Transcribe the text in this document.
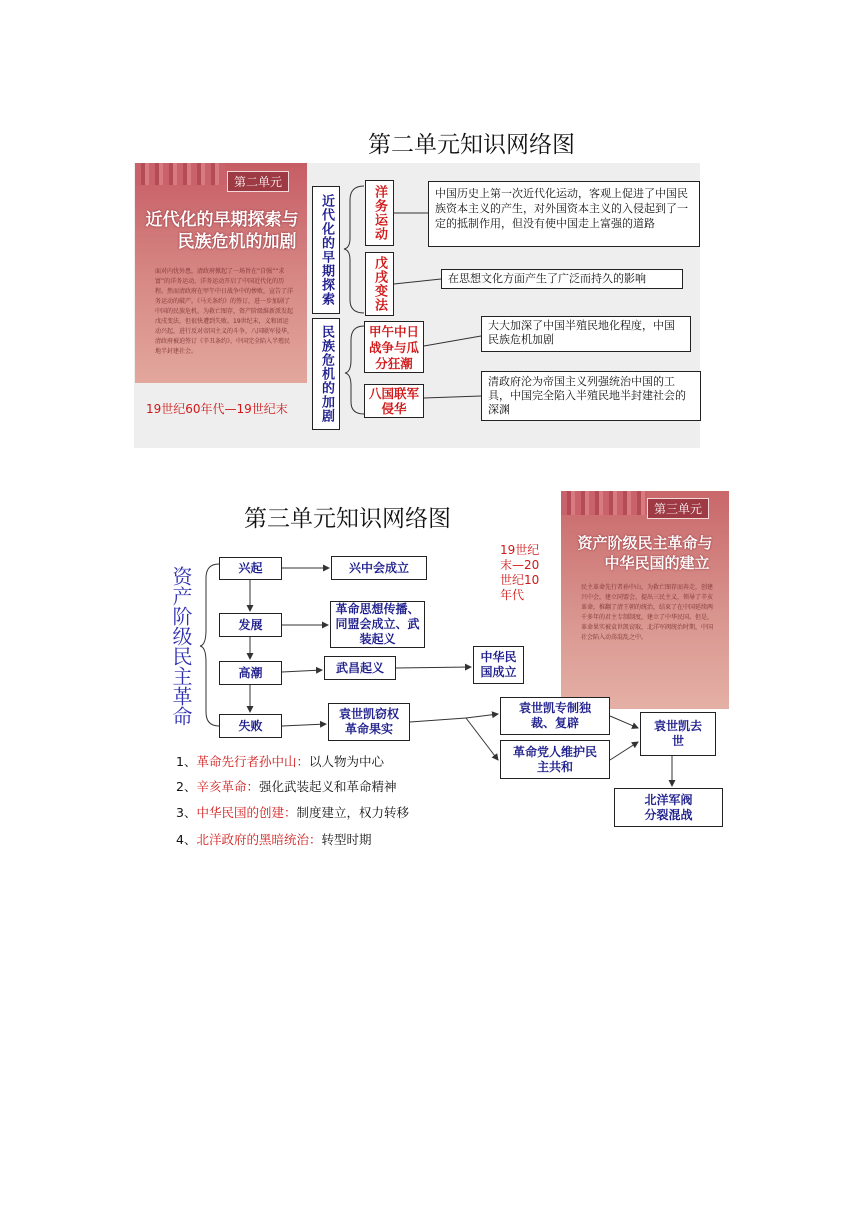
第二单元知识网络图
第二单元
近代化的早期探索与
民族危机的加剧
面对内忧外患，清政府掀起了一场旨在“自强”“求富”的洋务运动，洋务运动开启了中国近代化的历程。然而清政府在甲午中日战争中的惨败，宣告了洋务运动的破产。《马关条约》的签订，进一步加剧了中国的民族危机。为救亡图存，资产阶级维新派发起戊戌变法，但很快遭到失败。19世纪末，义和团运动兴起，进行反对帝国主义的斗争，八国联军侵华，清政府被迫签订《辛丑条约》，中国完全陷入半殖民地半封建社会。
19世纪60年代—19世纪末
近代化的早期探索
民族危机的加剧
洋务运动
戊戌变法
甲午中日战争与瓜分狂潮
八国联军侵华
中国历史上第一次近代化运动，客观上促进了中国民族资本主义的产生，对外国资本主义的入侵起到了一定的抵制作用，但没有使中国走上富强的道路
在思想文化方面产生了广泛而持久的影响
大大加深了中国半殖民地化程度，中国民族危机加剧
清政府沦为帝国主义列强统治中国的工具，中国完全陷入半殖民地半封建社会的深渊
第三单元知识网络图
19世纪末—20世纪10年代
第三单元
资产阶级民主革命与
中华民国的建立
民主革命先行者孙中山，为救亡图存而奔走，创建兴中会，建立同盟会，提出三民主义，领导了辛亥革命，推翻了清王朝的统治，结束了在中国延续两千多年的君主专制制度，建立了中华民国。但是，革命果实被袁世凯窃取，北洋军阀统治时期，中国社会陷入动荡混乱之中。
资产阶级民主革命	兴起	兴中会成立
发展
革命思想传播、同盟会成立、武装起义
高潮	武昌起义
中华民国成立
失败
袁世凯窃权革命果实
袁世凯专制独裁、复辟
革命党人维护民主共和
袁世凯去世
北洋军阀分裂混战
1、革命先行者孙中山：以人物为中心
2、辛亥革命：强化武装起义和革命精神
3、中华民国的创建：制度建立，权力转移
4、北洋政府的黑暗统治：转型时期
